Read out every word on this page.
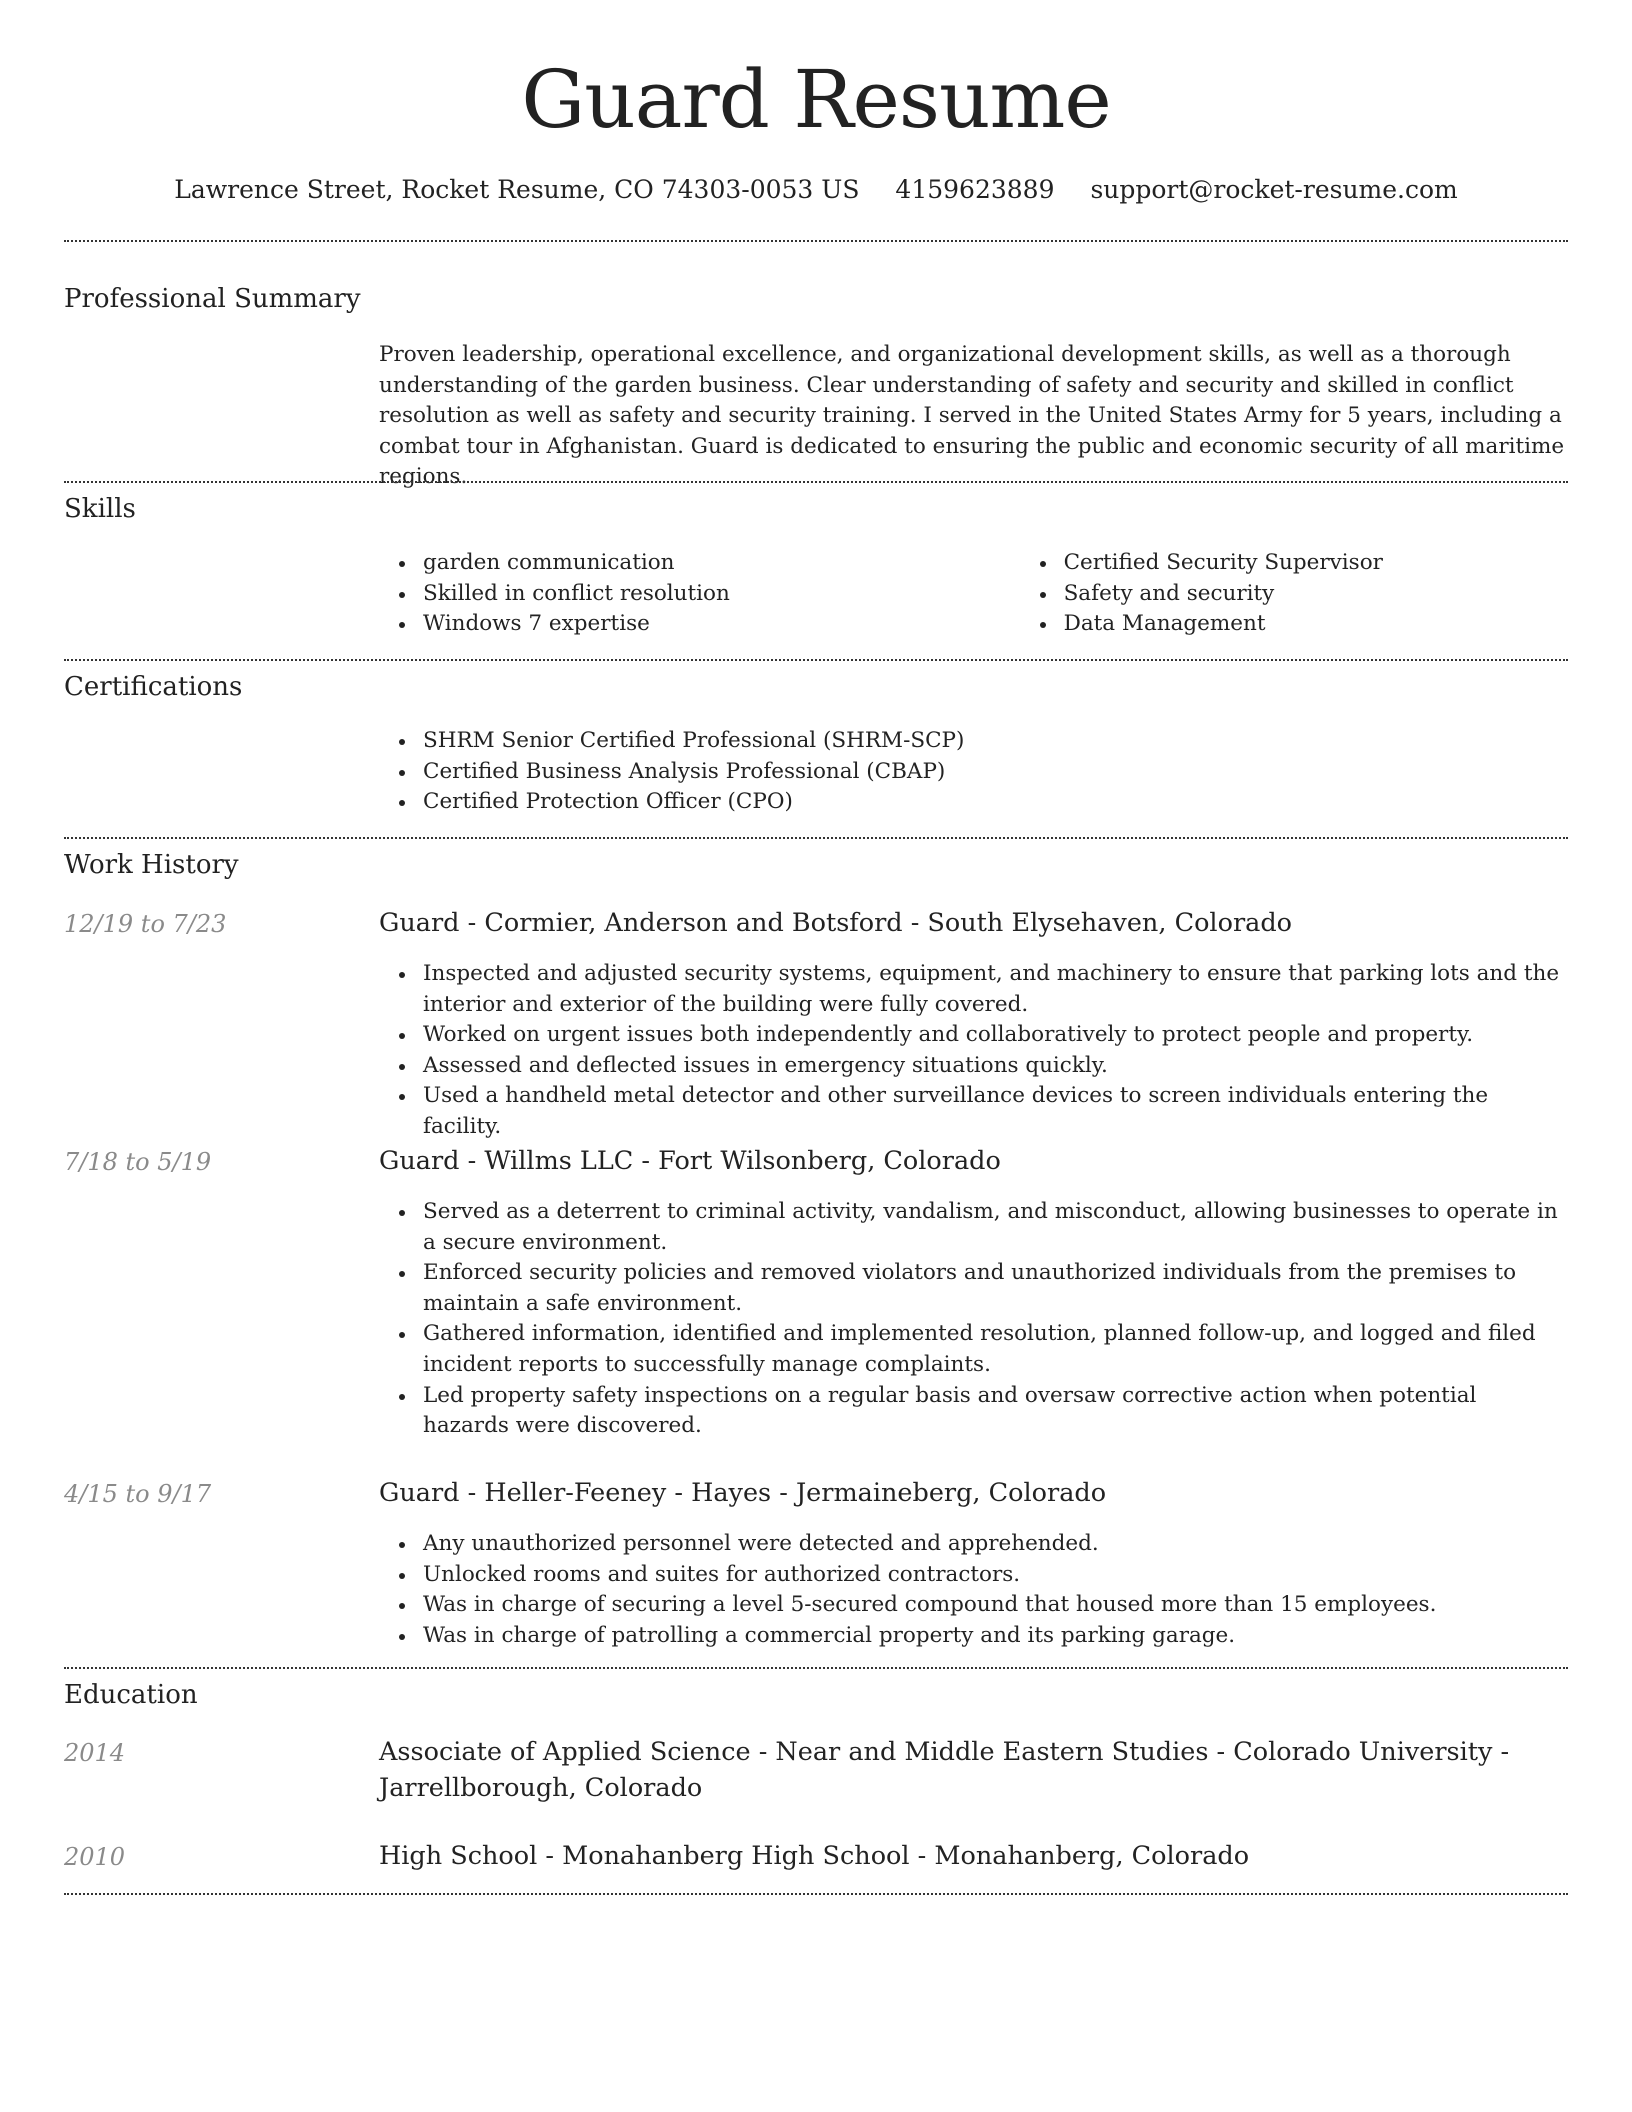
Guard Resume
Lawrence Street, Rocket Resume, CO 74303-0053 US 4159623889 support@rocket-resume.com
Professional Summary
Proven leadership, operational excellence, and organizational development skills, as well as a thorough understanding of the garden business. Clear understanding of safety and security and skilled in conflict resolution as well as safety and security training. I served in the United States Army for 5 years, including a combat tour in Afghanistan. Guard is dedicated to ensuring the public and economic security of all maritime regions.
Skills
garden communication
Skilled in conflict resolution
Windows 7 expertise
Certified Security Supervisor
Safety and security
Data Management
Certifications
SHRM Senior Certified Professional (SHRM-SCP)
Certified Business Analysis Professional (CBAP)
Certified Protection Officer (CPO)
Work History
12/19 to 7/23	Guard - Cormier, Anderson and Botsford - South Elysehaven, Colorado
Inspected and adjusted security systems, equipment, and machinery to ensure that parking lots and the interior and exterior of the building were fully covered.
Worked on urgent issues both independently and collaboratively to protect people and property.
Assessed and deflected issues in emergency situations quickly.
Used a handheld metal detector and other surveillance devices to screen individuals entering the facility.
7/18 to 5/19	Guard - Willms LLC - Fort Wilsonberg, Colorado
Served as a deterrent to criminal activity, vandalism, and misconduct, allowing businesses to operate in a secure environment.
Enforced security policies and removed violators and unauthorized individuals from the premises to maintain a safe environment.
Gathered information, identified and implemented resolution, planned follow-up, and logged and filed incident reports to successfully manage complaints.
Led property safety inspections on a regular basis and oversaw corrective action when potential hazards were discovered.
4/15 to 9/17	Guard - Heller-Feeney - Hayes - Jermaineberg, Colorado
Any unauthorized personnel were detected and apprehended.
Unlocked rooms and suites for authorized contractors.
Was in charge of securing a level 5-secured compound that housed more than 15 employees.
Was in charge of patrolling a commercial property and its parking garage.
Education
2014	Associate of Applied Science - Near and Middle Eastern Studies - Colorado University - Jarrellborough, Colorado
2010	High School - Monahanberg High School - Monahanberg, Colorado
